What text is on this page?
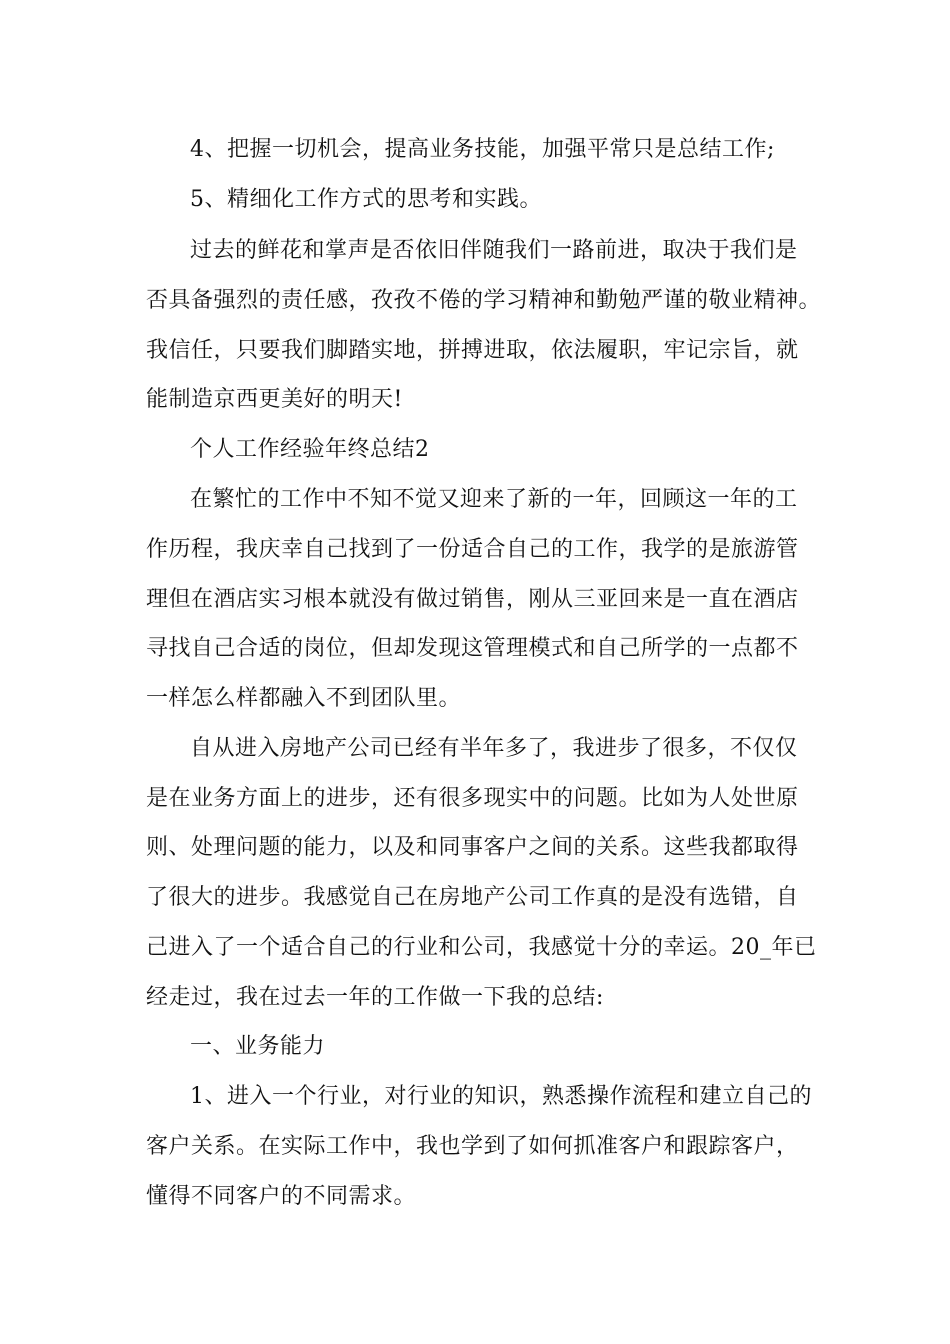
4、把握一切机会，提高业务技能，加强平常只是总结工作;
5、精细化工作方式的思考和实践。
过去的鲜花和掌声是否依旧伴随我们一路前进，取决于我们是
否具备强烈的责任感，孜孜不倦的学习精神和勤勉严谨的敬业精神。
我信任，只要我们脚踏实地，拼搏进取，依法履职，牢记宗旨，就
能制造京西更美好的明天!
个人工作经验年终总结2
在繁忙的工作中不知不觉又迎来了新的一年，回顾这一年的工
作历程，我庆幸自己找到了一份适合自己的工作，我学的是旅游管
理但在酒店实习根本就没有做过销售，刚从三亚回来是一直在酒店
寻找自己合适的岗位，但却发现这管理模式和自己所学的一点都不
一样怎么样都融入不到团队里。
自从进入房地产公司已经有半年多了，我进步了很多，不仅仅
是在业务方面上的进步，还有很多现实中的问题。比如为人处世原
则、处理问题的能力，以及和同事客户之间的关系。这些我都取得
了很大的进步。我感觉自己在房地产公司工作真的是没有选错，自
己进入了一个适合自己的行业和公司，我感觉十分的幸运。20_年已
经走过，我在过去一年的工作做一下我的总结:
一、业务能力
1、进入一个行业，对行业的知识，熟悉操作流程和建立自己的
客户关系。在实际工作中，我也学到了如何抓准客户和跟踪客户，
懂得不同客户的不同需求。
